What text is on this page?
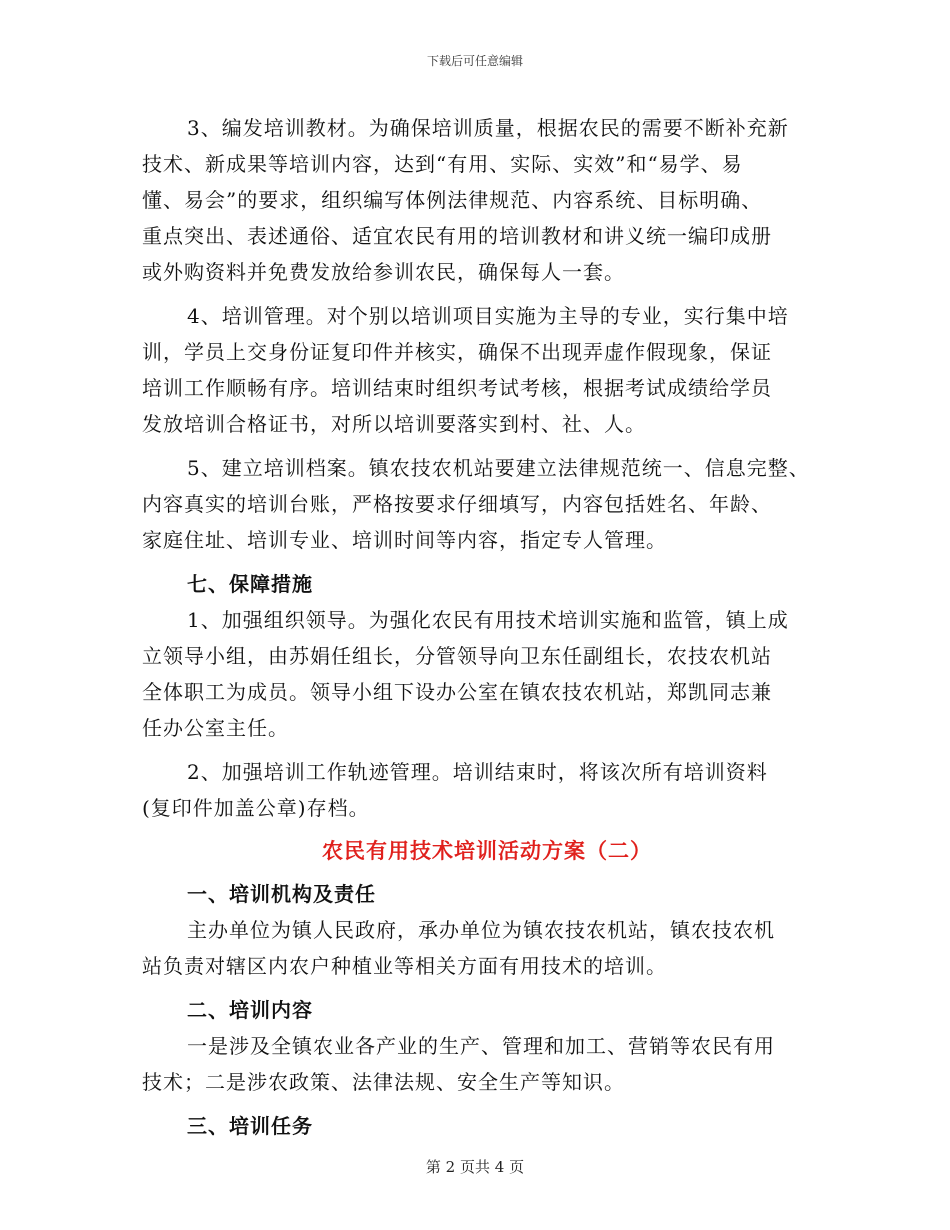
下载后可任意编辑
3、编发培训教材。为确保培训质量，根据农民的需要不断补充新
技术、新成果等培训内容，达到“有用、实际、实效”和“易学、易
懂、易会”的要求，组织编写体例法律规范、内容系统、目标明确、
重点突出、表述通俗、适宜农民有用的培训教材和讲义统一编印成册
或外购资料并免费发放给参训农民，确保每人一套。
4、培训管理。对个别以培训项目实施为主导的专业，实行集中培
训，学员上交身份证复印件并核实，确保不出现弄虚作假现象，保证
培训工作顺畅有序。培训结束时组织考试考核，根据考试成绩给学员
发放培训合格证书，对所以培训要落实到村、社、人。
5、建立培训档案。镇农技农机站要建立法律规范统一、信息完整、
内容真实的培训台账，严格按要求仔细填写，内容包括姓名、年龄、
家庭住址、培训专业、培训时间等内容，指定专人管理。
七、保障措施
1、加强组织领导。为强化农民有用技术培训实施和监管，镇上成
立领导小组，由苏娟任组长，分管领导向卫东任副组长，农技农机站
全体职工为成员。领导小组下设办公室在镇农技农机站，郑凯同志兼
任办公室主任。
2、加强培训工作轨迹管理。培训结束时，将该次所有培训资料
(复印件加盖公章)存档。
农民有用技术培训活动方案（二）
一、培训机构及责任
主办单位为镇人民政府，承办单位为镇农技农机站，镇农技农机
站负责对辖区内农户种植业等相关方面有用技术的培训。
二、培训内容
一是涉及全镇农业各产业的生产、管理和加工、营销等农民有用
技术；二是涉农政策、法律法规、安全生产等知识。
三、培训任务
第 2 页共 4 页
